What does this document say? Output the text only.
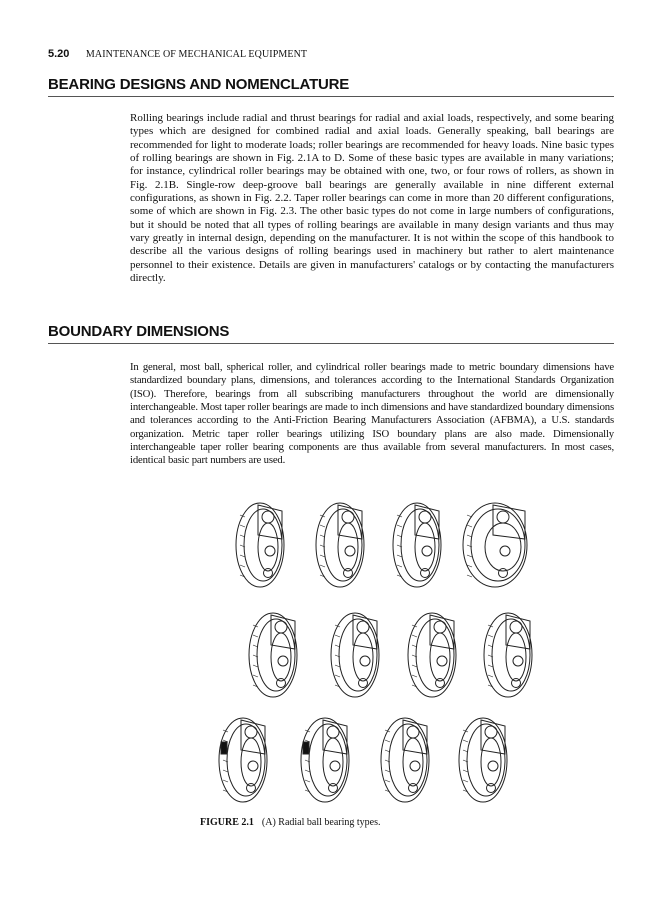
5.20 MAINTENANCE OF MECHANICAL EQUIPMENT
BEARING DESIGNS AND NOMENCLATURE

Rolling bearings include radial and thrust bearings for radial and axial loads, respectively, and some bearing types which are designed for combined radial and axial loads. Generally speaking, ball bearings are recommended for light to moderate loads; roller bearings are recommended for heavy loads. Nine basic types of rolling bearings are shown in Fig. 2.1A to D. Some of these basic types are available in many variations; for instance, cylindrical roller bearings may be obtained with one, two, or four rows of rollers, as shown in Fig. 2.1B. Single-row deep-groove ball bearings are generally available in nine different external configurations, as shown in Fig. 2.2. Taper roller bearings can come in more than 20 different configurations, some of which are shown in Fig. 2.3. The other basic types do not come in large numbers of configurations, but it should be noted that all types of rolling bearings are available in many design variants and thus may vary greatly in internal design, depending on the manufacturer. It is not within the scope of this handbook to describe all the various designs of rolling bearings used in machinery but rather to alert maintenance personnel to their existence. Details are given in manufacturers' catalogs or by contacting the manufacturers directly.

BOUNDARY DIMENSIONS

In general, most ball, spherical roller, and cylindrical roller bearings made to metric boundary dimensions have standardized boundary plans, dimensions, and tolerances according to the International Standards Organization (ISO). Therefore, bearings from all subscribing manufacturers throughout the world are dimensionally interchangeable. Most taper roller bearings are made to inch dimensions and have standardized boundary dimensions and tolerances according to the Anti-Friction Bearing Manufacturers Association (AFBMA), a U.S. standards organization. Metric taper roller bearings utilizing ISO boundary plans are also made. Dimensionally interchangeable taper roller bearing components are thus available from several manufacturers. In most cases, identical basic part numbers are used.

FIGURE 2.1 (A) Radial ball bearing types.
